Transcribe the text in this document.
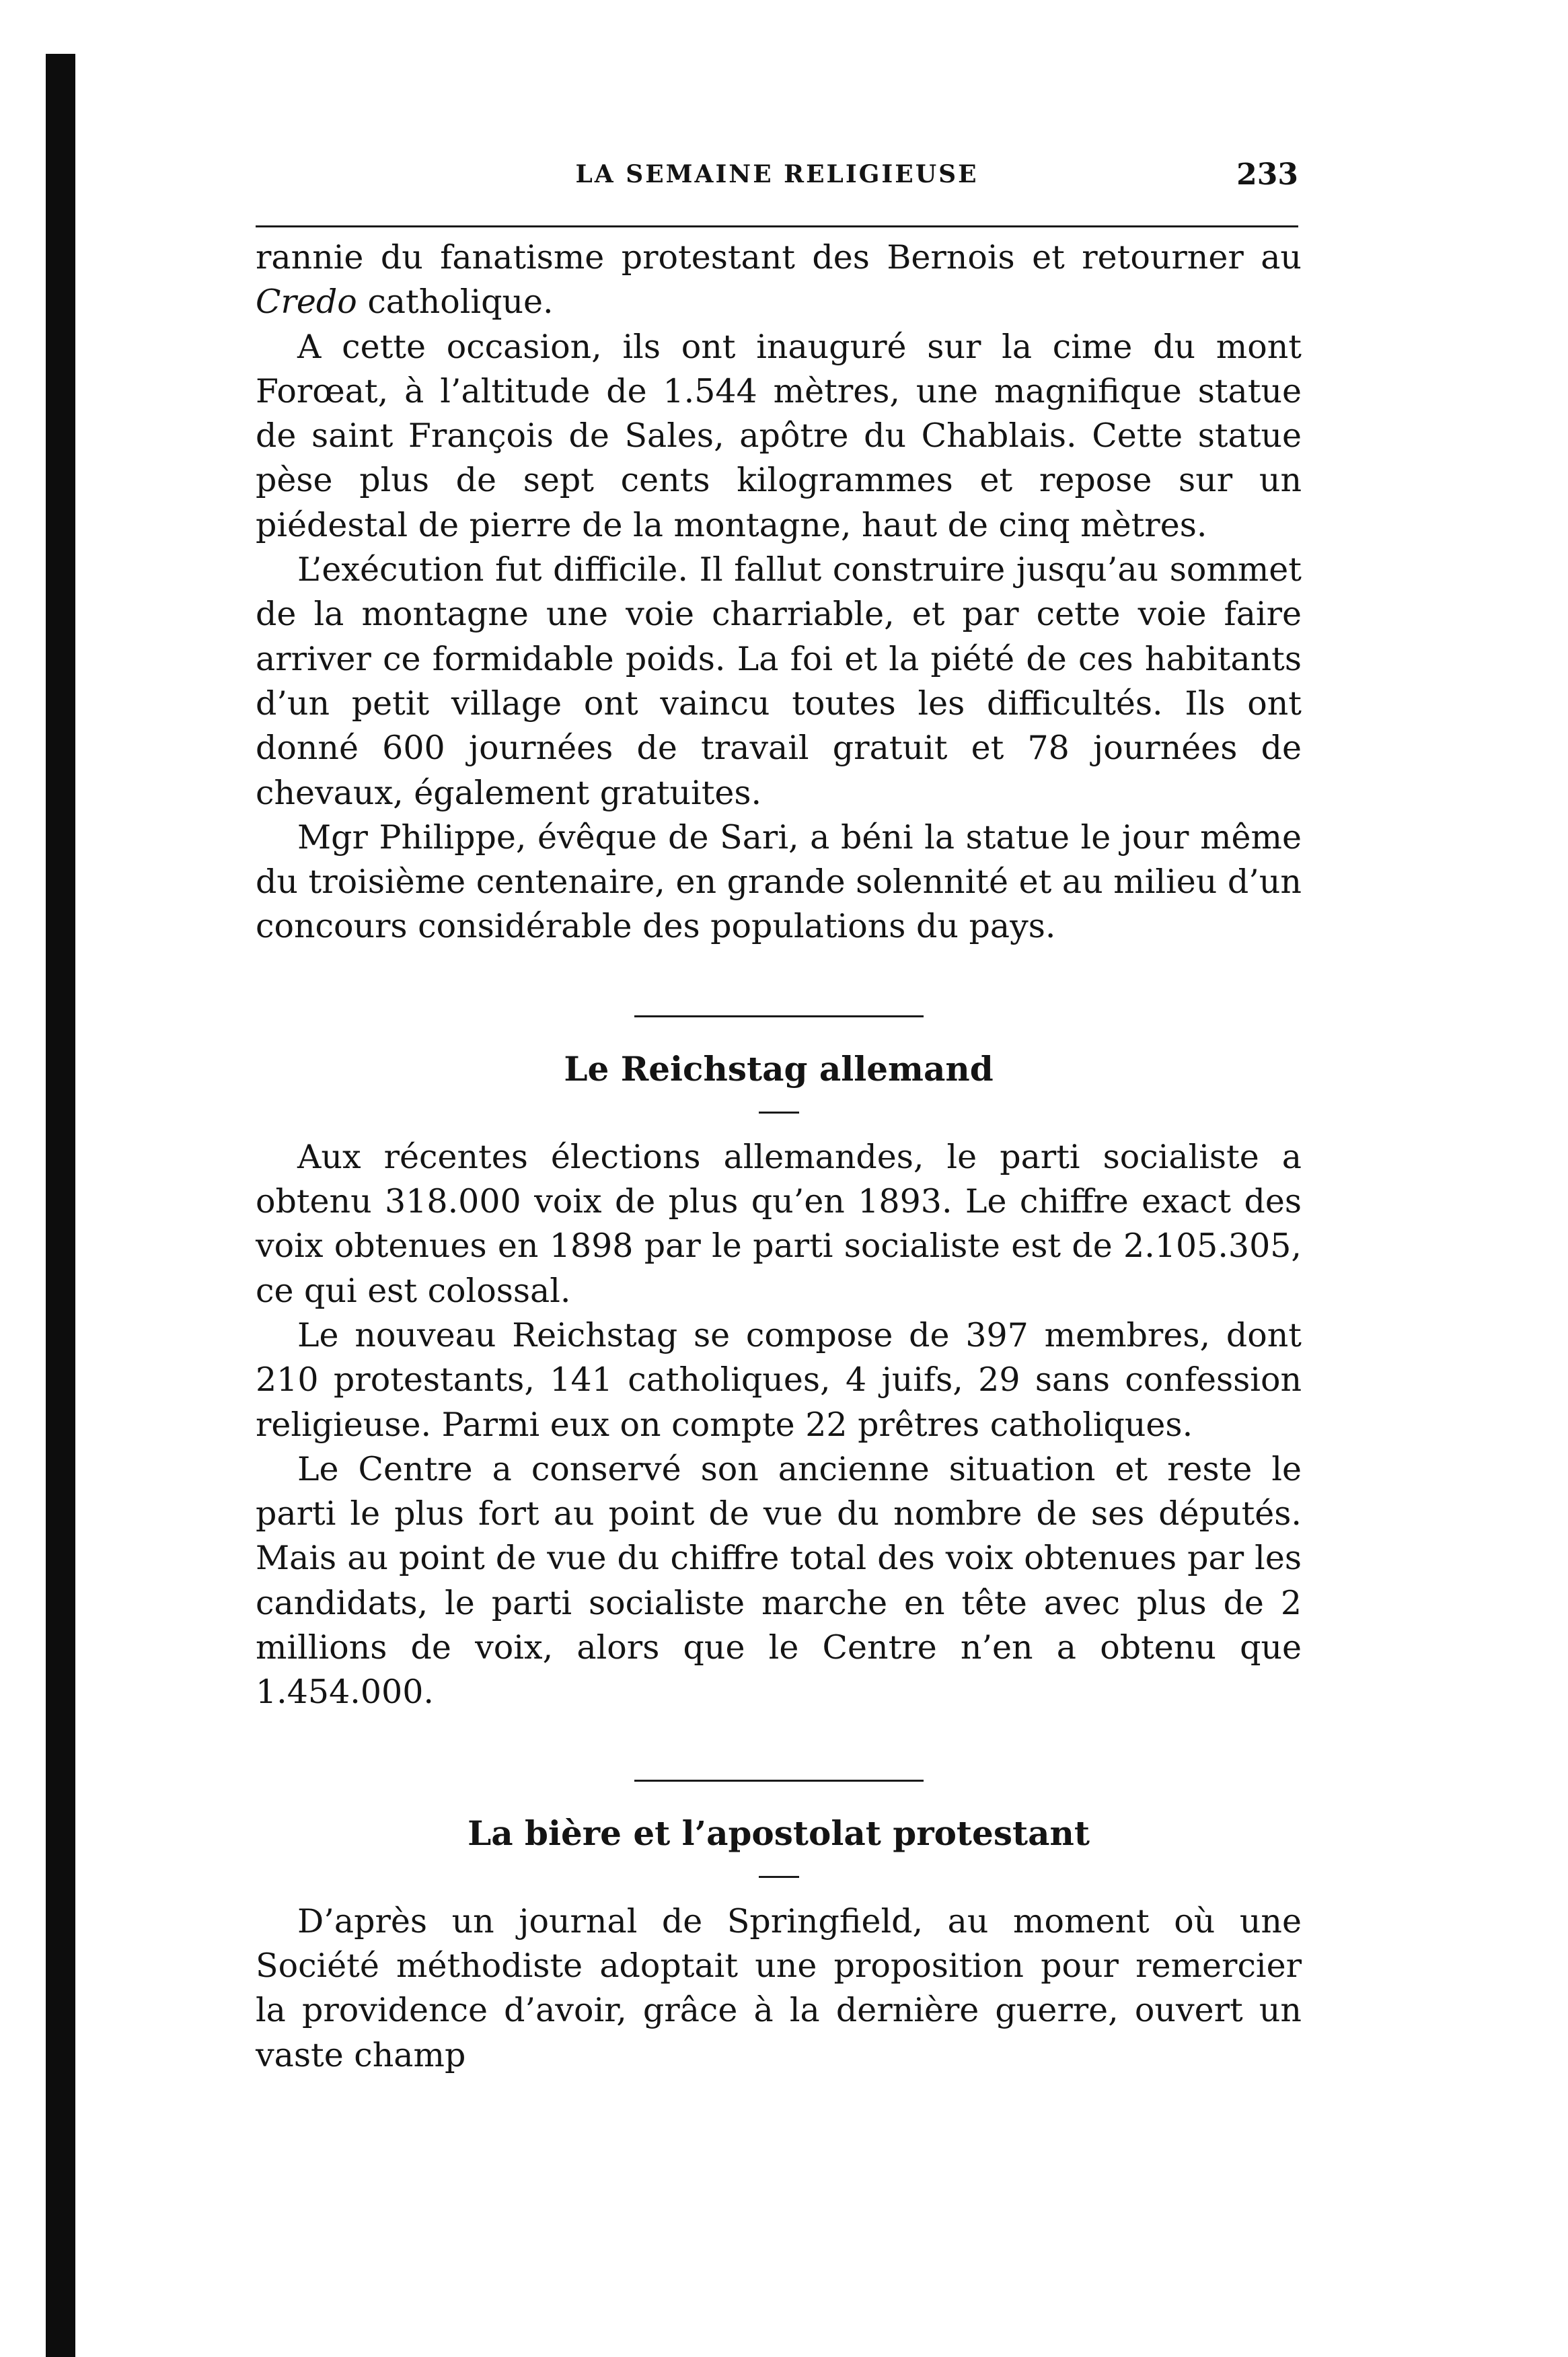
LA SEMAINE RELIGIEUSE	233

rannie du fanatisme protestant des Bernois et retourner au Credo catholique.

A cette occasion, ils ont inauguré sur la cime du mont Forœat, à l’altitude de 1.544 mètres, une magnifique statue de saint François de Sales, apôtre du Chablais. Cette statue pèse plus de sept cents kilogrammes et repose sur un piédestal de pierre de la montagne, haut de cinq mètres.

L’exécution fut difficile. Il fallut construire jusqu’au sommet de la montagne une voie charriable, et par cette voie faire arriver ce formidable poids. La foi et la piété de ces habitants d’un petit village ont vaincu toutes les difficultés. Ils ont donné 600 journées de travail gratuit et 78 journées de chevaux, également gratuites.

Mgr Philippe, évêque de Sari, a béni la statue le jour même du troisième centenaire, en grande solennité et au milieu d’un concours considérable des populations du pays.

Le Reichstag allemand

Aux récentes élections allemandes, le parti socialiste a obtenu 318.000 voix de plus qu’en 1893. Le chiffre exact des voix obtenues en 1898 par le parti socialiste est de 2.105.305, ce qui est colossal.

Le nouveau Reichstag se compose de 397 membres, dont 210 protestants, 141 catholiques, 4 juifs, 29 sans confession religieuse. Parmi eux on compte 22 prêtres catholiques.

Le Centre a conservé son ancienne situation et reste le parti le plus fort au point de vue du nombre de ses députés. Mais au point de vue du chiffre total des voix obtenues par les candidats, le parti socialiste marche en tête avec plus de 2 millions de voix, alors que le Centre n’en a obtenu que 1.454.000.

La bière et l’apostolat protestant

D’après un journal de Springfield, au moment où une Société méthodiste adoptait une proposition pour remercier la providence d’avoir, grâce à la dernière guerre, ouvert un vaste champ
